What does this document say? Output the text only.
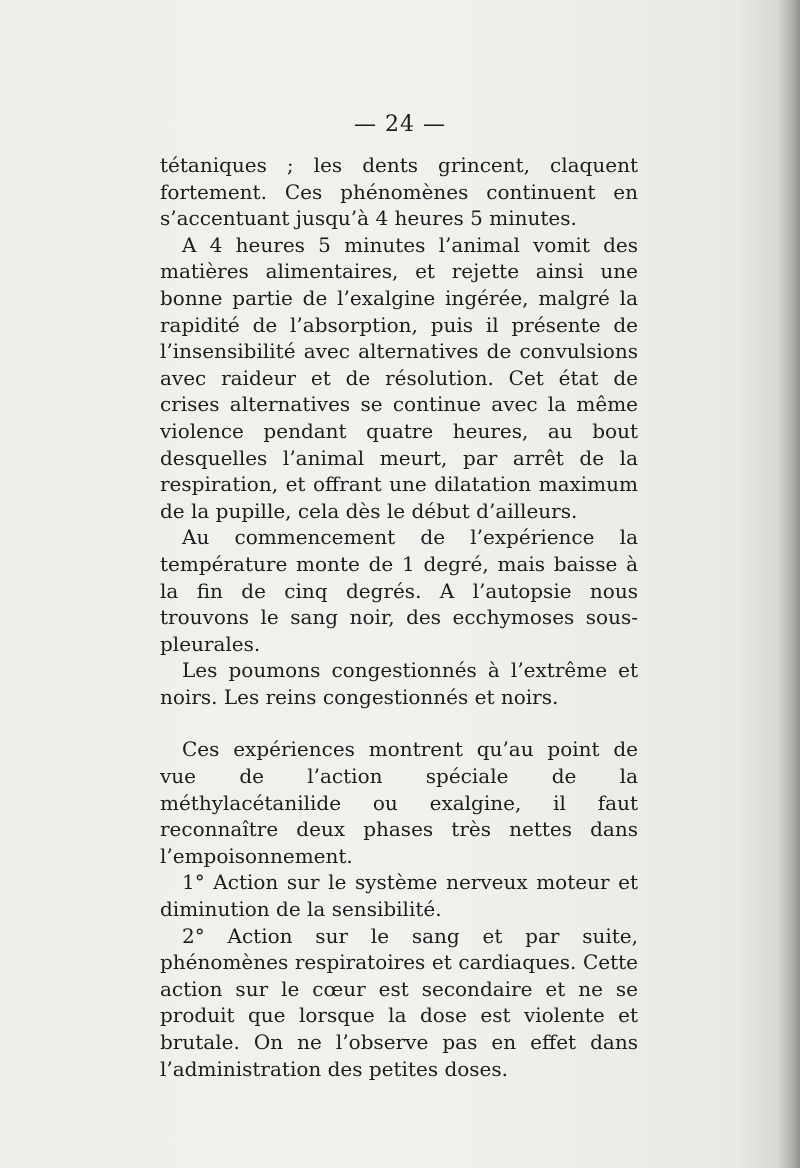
— 24 —

tétaniques ; les dents grincent, claquent fortement. Ces phénomènes continuent en s’accentuant jusqu’à 4 heures 5 minutes.

A 4 heures 5 minutes l’animal vomit des matières alimentaires, et rejette ainsi une bonne partie de l’exalgine ingérée, malgré la rapidité de l’absorption, puis il présente de l’insensibilité avec alternatives de convulsions avec raideur et de résolution. Cet état de crises alternatives se continue avec la même violence pendant quatre heures, au bout desquelles l’animal meurt, par arrêt de la respiration, et offrant une dilatation maximum de la pupille, cela dès le début d’ailleurs.

Au commencement de l’expérience la température monte de 1 degré, mais baisse à la fin de cinq degrés. A l’autopsie nous trouvons le sang noir, des ecchymoses sous-pleurales.

Les poumons congestionnés à l’extrême et noirs. Les reins congestionnés et noirs.

Ces expériences montrent qu’au point de vue de l’action spéciale de la méthylacétanilide ou exalgine, il faut reconnaître deux phases très nettes dans l’empoisonnement.

1° Action sur le système nerveux moteur et diminution de la sensibilité.

2° Action sur le sang et par suite, phénomènes respiratoires et cardiaques. Cette action sur le cœur est secondaire et ne se produit que lorsque la dose est violente et brutale. On ne l’observe pas en effet dans l’administration des petites doses.
